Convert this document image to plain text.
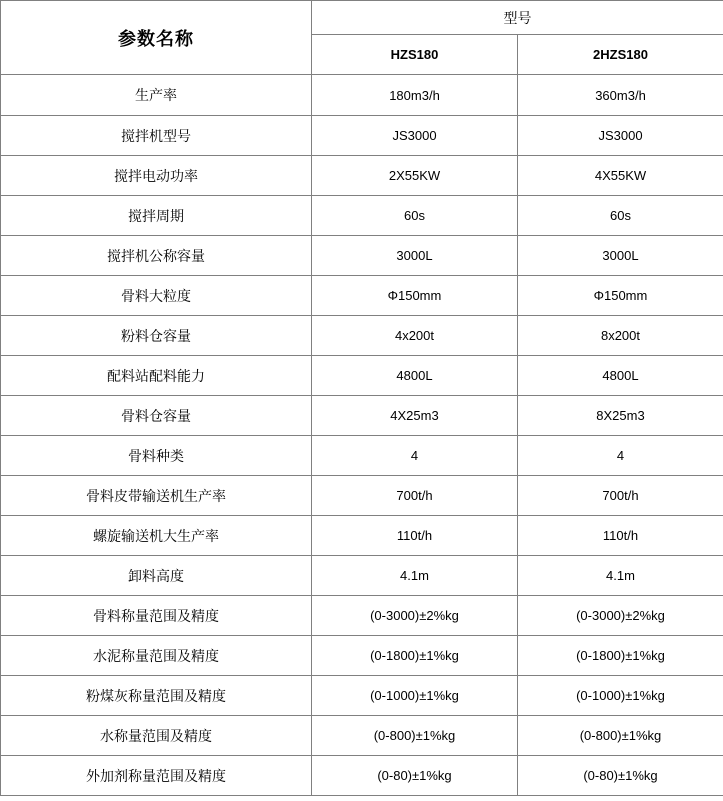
参数名称	型号	
	HZS180	2HZS180
生产率	180m3/h	360m3/h
搅拌机型号	JS3000	JS3000
搅拌电动功率	2X55KW	4X55KW
搅拌周期	60s	60s
搅拌机公称容量	3000L	3000L
骨料大粒度	Φ150mm	Φ150mm
粉料仓容量	4x200t	8x200t
配料站配料能力	4800L	4800L
骨料仓容量	4X25m3	8X25m3
骨料种类	4	4
骨料皮带输送机生产率	700t/h	700t/h
螺旋输送机大生产率	110t/h	110t/h
卸料高度	4.1m	4.1m
骨料称量范围及精度	(0-3000)±2%kg	(0-3000)±2%kg
水泥称量范围及精度	(0-1800)±1%kg	(0-1800)±1%kg
粉煤灰称量范围及精度	(0-1000)±1%kg	(0-1000)±1%kg
水称量范围及精度	(0-800)±1%kg	(0-800)±1%kg
外加剂称量范围及精度	(0-80)±1%kg	(0-80)±1%kg
